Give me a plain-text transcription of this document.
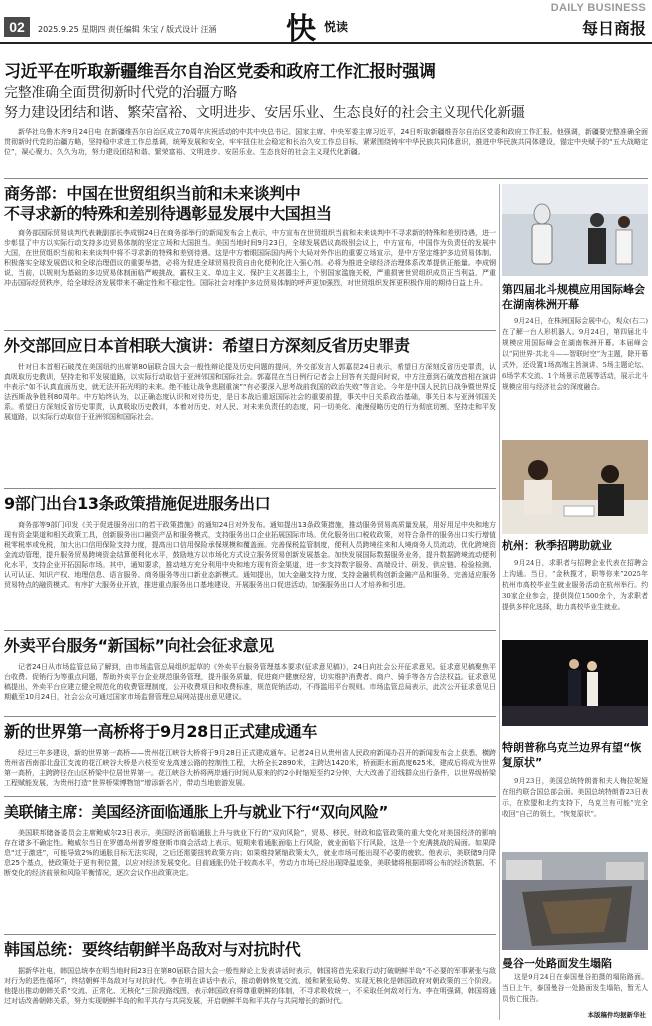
02	2025.9.25 星期四 责任编辑 朱宝 / 版式设计 汪涵 快 悦读
DAILY BUSINESS
每日商报
习近平在听取新疆维吾尔自治区党委和政府工作汇报时强调
完整准确全面贯彻新时代党的治疆方略
努力建设团结和谐、繁荣富裕、文明进步、安居乐业、生态良好的社会主义现代化新疆
新华社乌鲁木齐9月24日电 在新疆维吾尔自治区成立70周年庆祝活动的中共中央总书记、国家主席、中央军委主席习近平，24日听取新疆维吾尔自治区党委和政府工作汇报。他强调，新疆要完整准确全面贯彻新时代党的治疆方略，坚持稳中求进工作总基调，统筹发展和安全，牢牢扭住社会稳定和长治久安工作总目标，紧紧围绕铸牢中华民族共同体意识，推进中华民族共同体建设，锚定中央赋予的“五大战略定位”，凝心聚力、久久为功，努力建设团结和谐、繁荣富裕、文明进步、安居乐业、生态良好的社会主义现代化新疆。
商务部：中国在世贸组织当前和未来谈判中
不寻求新的特殊和差别待遇彰显发展中大国担当
商务部国际贸易谈判代表兼副部长李成钢24日在商务部举行的新闻发布会上表示，中方宣布在世贸组织当前和未来谈判中不寻求新的特殊和差别待遇，进一步彰显了中方以实际行动支持多边贸易体制的坚定立场和大国担当。美国当地时间9月23日，全球发展倡议高级别会议上，中方宣布，中国作为负责任的发展中大国，在世贸组织当前和未来谈判中将不寻求新的特殊和差别待遇。这是中方着眼国际国内两个大局对外作出的重要立场宣示，是中方坚定维护多边贸易体制、积极落实全球发展倡议和全球治理倡议的重要举措，必将为促进全球贸易投资自由化便利化注入强心剂。必将为推进全球经济治理体系改革提供正能量。李成钢说，当前，以规则为基础的多边贸易体制面临严峻挑战，霸权主义、单边主义、保护主义甚嚣尘上，个别国家滥施关税，严重损害世贸组织成员正当利益，严重冲击国际经贸秩序，给全球经济发展带来不确定性和不稳定性。国际社会对维护多边贸易体制的呼声更加强烈，对世贸组织发挥更积极作用的期待日益上升。
外交部回应日本首相联大演讲：希望日方深刻反省历史罪责
针对日本首相石破茂在美国纽约出席第80届联合国大会一般性辩论提及历史问题的提问，外交部发言人郭嘉昆24日表示，希望日方深刻反省历史罪责，认真吸取历史教训，坚持走和平发展道路，以实际行动取信于亚洲邻国和国际社会。郭嘉昆在当日例行记者会上回答有关提问时说，中方注意到石破茂首相在演讲中表示“如不认真直面历史，就无法开拓光明的未来。绝不能让战争悲剧重演”“有必要深入思考战前我国的政治失败”等言论。今年是中国人民抗日战争暨世界反法西斯战争胜利80周年。中方始终认为，以正确态度认识和对待历史，是日本战后重返国际社会的重要前提，事关中日关系政治基础，事关日本与亚洲邻国关系。希望日方深刻反省历史罪责，认真吸取历史教训，本着对历史、对人民、对未来负责任的态度，同一切美化、淹漫侵略历史的行为彻底切割，坚持走和平发展道路，以实际行动取信于亚洲邻国和国际社会。
9部门出台13条政策措施促进服务出口
商务部等9部门印发《关于促进服务出口的若干政策措施》的通知24日对外发布。通知提出13条政策措施，推动服务贸易高质量发展，用好用足中央和地方现有资金渠道和相关政策工具，创新服务出口融资产品和服务模式，支持服务出口企业拓展国际市场。优化服务出口税收政策，对符合条件的服务出口实行增值税零税率或免税，加大出口信用保险支持力度，提高出口信用保险承保规模和覆盖面。完善保税监管制度，便利人员跨境往来和人境商务人员流动，优化跨境资金流动管理，提升服务贸易跨境资金结算便利化水平，鼓励地方以市场化方式设立服务贸易创新发展基金。加快发展国际数据服务业务，提升数据跨境流动便利化水平，支持企业开拓国际市场。其中，通知要求，推动地方充分利用中央和地方现有资金渠道，进一步支持数字服务、高端设计、研发、供应链、检验检测、认可认证、知识产权、地理信息、语言服务、商务服务等出口新业态新模式。通知提出，加大金融支持力度，支持金融机构创新金融产品和服务，完善适应服务贸易特点的融资模式。有序扩大服务业开放，推进重点服务出口基地建设，开展服务出口促进活动，加强服务出口人才培养和引进。
外卖平台服务“新国标”向社会征求意见
记者24日从市场监管总局了解到，由市场监管总局组织起草的《外卖平台服务管理基本要求(征求意见稿)》，24日向社会公开征求意见。征求意见稿聚焦平台收费、促销行为等重点问题，帮助外卖平台企业规范服务管理，提升服务质量，促进商户健康经营，切实维护消费者、商户、骑手等各方合法权益。征求意见稿提出，外卖平台应建立健全规范化的收费管理制度，公开收费项目和收费标准，规范促销活动，不得滥用平台规则。市场监管总局表示，此次公开征求意见日期截至10月24日，社会公众可通过国家市场监督管理总局网站提出意见建议。
新的世界第一高桥将于9月28日正式建成通车
经过三年多建设，新的世界第一高桥——贵州花江峡谷大桥将于9月28日正式建成通车。记者24日从贵州省人民政府新闻办召开的新闻发布会上获悉，横跨贵州省西南部北盘江支流的花江峡谷大桥是六枝至安龙高速公路的控制性工程，大桥全长2890米，主跨达1420米，桥面距水面高度625米，建成后将成为世界第一高桥，主跨跨径在山区桥梁中位居世界第一。花江峡谷大桥将两岸通行时间从原来的约2小时缩短至约2分钟，大大改善了沿线群众出行条件，以世界级桥梁工程赋能发展，为贵州打造“世界桥梁博物馆”增添新名片，带动当地旅游发展。
美联储主席：美国经济面临通胀上升与就业下行“双向风险”
美国联邦储备委员会主席鲍威尔23日表示，美国经济面临通胀上升与就业下行的“双向风险”，贸易、移民、财政和监管政策的重大变化对美国经济的影响存在诸多不确定性。鲍威尔当日在罗德岛州普罗维登斯市商会活动上表示，短期来看通胀面临上行风险，就业面临下行风险，这是一个充满挑战的局面。如果降息“过于激进”，可能导致2%的通胀目标无法实现，之后还需要扭转政策方向；如果维持紧缩政策太久，就业市场可能出现不必要的疲软。他表示，美联储9月降息25个基点，使政策处于更有利位置，以应对经济发展变化。目前通胀仍处于较高水平，劳动力市场已经出现降温迹象，美联储将根据即将公布的经济数据、不断变化的经济前景和风险平衡情况，逐次会议作出政策决定。
韩国总统：要终结朝鲜半岛敌对与对抗时代
据新华社电，韩国总统李在明当地时间23日在第80届联合国大会一般性辩论上发表讲话时表示，韩国将首先采取行动打破朝鲜半岛“不必要的军事紧张与敌对行为的恶性循环”，终结朝鲜半岛敌对与对抗时代。李在明在讲话中表示，推动朝韩恢复交流、缓和紧张局势、实现无核化是韩国政府对朝政策的三个阶段。他提出推动朝韩关系“交流、正常化、无核化”三阶段路线图，表示韩国政府将尊重朝鲜的体制，不寻求吸收统一，不采取任何敌对行为。李在明强调，韩国将通过对话改善朝韩关系，努力实现朝鲜半岛的和平共存与共同发展，开启朝鲜半岛和平共存与共同增长的新时代。
第四届北斗规模应用国际峰会在湖南株洲开幕
9月24日，在株洲国际会展中心，观众(右二)在了解一台人形机器人。9月24日，第四届北斗规模应用国际峰会在湖南株洲开幕。本届峰会以“同世界·共北斗——智联时空”为主题，除开幕式外，还设置1场高端主旨演讲、5场主题论坛、6场学术交流、1个场景示范展等活动，展示北斗规模应用与经济社会的深度融合。
杭州：秋季招聘助就业
9月24日，求职者与招聘企业代表在招聘会上沟通。当日，“金秋揽才，职等你来”2025年杭州市高校毕业生就业服务活动在杭州举行。约30家企业参会，提供岗位1500余个，为求职者提供多样化选择，助力高校毕业生就业。
特朗普称乌克兰边界有望“恢复原状”
9月23日，美国总统特朗普和夫人梅拉妮娅在纽约联合国总部会面。美国总统特朗普23日表示，在欧盟和北约支持下，乌克兰有可能“完全收回”自己的领土，“恢复原状”。
曼谷一处路面发生塌陷
这是9月24日在泰国曼谷拍摄的塌陷路面。当日上午，泰国曼谷一处路面发生塌陷，暂无人员伤亡报告。
本版稿件均据新华社
